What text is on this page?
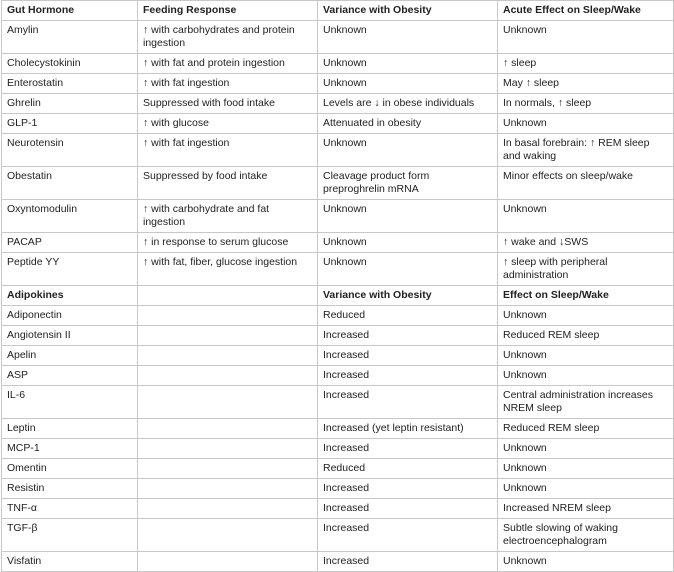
Gut Hormone	Feeding Response	Variance with Obesity	Acute Effect on Sleep/Wake
Amylin	↑ with carbohydrates and protein ingestion	Unknown	Unknown
Cholecystokinin	↑ with fat and protein ingestion	Unknown	↑ sleep
Enterostatin	↑ with fat ingestion	Unknown	May ↑ sleep
Ghrelin	Suppressed with food intake	Levels are ↓ in obese individuals	In normals, ↑ sleep
GLP-1	↑ with glucose	Attenuated in obesity	Unknown
Neurotensin	↑ with fat ingestion	Unknown	In basal forebrain: ↑ REM sleep and waking
Obestatin	Suppressed by food intake	Cleavage product form preproghrelin mRNA	Minor effects on sleep/wake
Oxyntomodulin	↑ with carbohydrate and fat ingestion	Unknown	Unknown
PACAP	↑ in response to serum glucose	Unknown	↑ wake and ↓SWS
Peptide YY	↑ with fat, fiber, glucose ingestion	Unknown	↑ sleep with peripheral administration
Adipokines		Variance with Obesity	Effect on Sleep/Wake
Adiponectin		Reduced	Unknown
Angiotensin II		Increased	Reduced REM sleep
Apelin		Increased	Unknown
ASP		Increased	Unknown
IL-6		Increased	Central administration increases NREM sleep
Leptin		Increased (yet leptin resistant)	Reduced REM sleep
MCP-1		Increased	Unknown
Omentin		Reduced	Unknown
Resistin		Increased	Unknown
TNF-α		Increased	Increased NREM sleep
TGF-β		Increased	Subtle slowing of waking electroencephalogram
Visfatin		Increased	Unknown
